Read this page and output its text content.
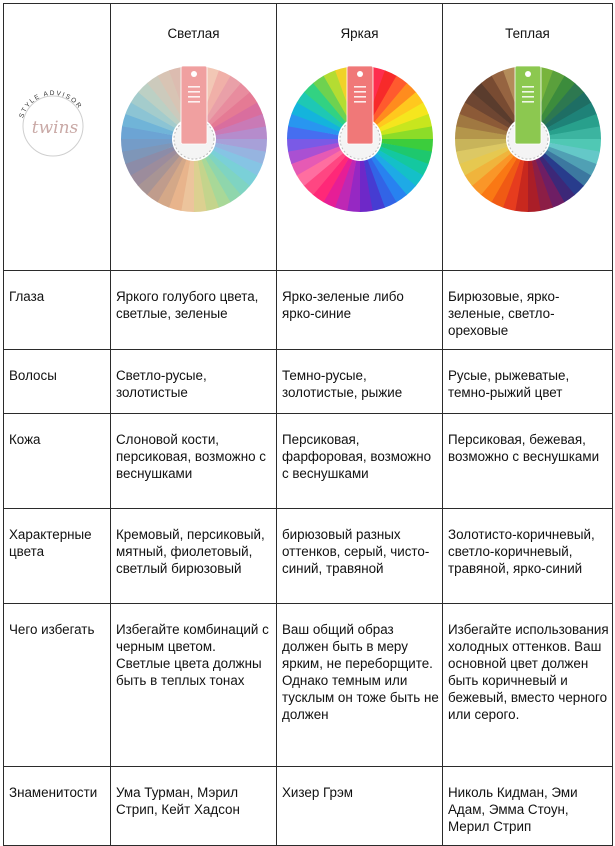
STYLE ADVISOR
twins	Светлая	Яркая	Теплая

Глаза	Яркого голубого цвета, светлые, зеленые	Ярко-зеленые либо ярко-синие	Бирюзовые, ярко-зеленые, светло-ореховые

Волосы	Светло-русые, золотистые	Темно-русые, золотистые, рыжие	Русые, рыжеватые, темно-рыжий цвет

Кожа	Слоновой кости, персиковая, возможно с веснушками	Персиковая, фарфоровая, возможно с веснушками	Персиковая, бежевая, возможно с веснушками

Характерные цвета	Кремовый, персиковый, мятный, фиолетовый, светлый бирюзовый	бирюзовый разных оттенков, серый, чисто-синий, травяной	Золотисто-коричневый, светло-коричневый, травяной, ярко-синий

Чего избегать	Избегайте комбинаций с черным цветом. Светлые цвета должны быть в теплых тонах	Ваш общий образ должен быть в меру ярким, не переборщите. Однако темным или тусклым он тоже быть не должен	Избегайте использования холодных оттенков. Ваш основной цвет должен быть коричневый и бежевый, вместо черного или серого.

Знаменитости	Ума Турман, Мэрил Стрип, Кейт Хадсон	Хизер Грэм	Николь Кидман, Эми Адам, Эмма Стоун, Мерил Стрип
